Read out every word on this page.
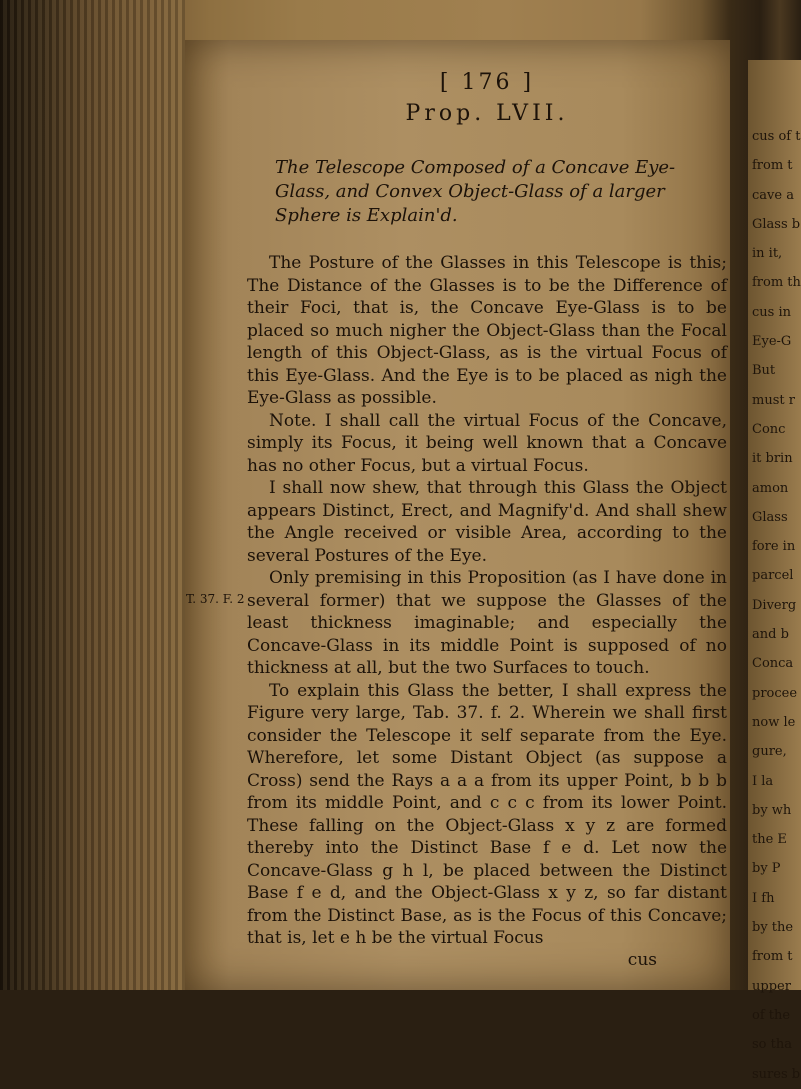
cus of t
from t
cave a
Glass b
in it,
from th
cus in
Eye-G
But
must r
Conc
it brin
amon
Glass
fore in
parcel
Diverg
and b
Conca
procee
now le
gure,
I la
by wh
the E
by P
I fh
by the
from t
upper
of the
so tha
sures b
T. 37. F. 2
[ 176 ]
Prop. LVII.
The Telescope Composed of a Concave Eye-Glass, and Convex Object-Glass of a larger Sphere is Explain'd.

The Posture of the Glasses in this Telescope is this; The Distance of the Glasses is to be the Difference of their Foci, that is, the Concave Eye-Glass is to be placed so much nigher the Object-Glass than the Focal length of this Object-Glass, as is the virtual Focus of this Eye-Glass. And the Eye is to be placed as nigh the Eye-Glass as possible.

Note. I shall call the virtual Focus of the Concave, simply its Focus, it being well known that a Concave has no other Focus, but a virtual Focus.

I shall now shew, that through this Glass the Object appears Distinct, Erect, and Magnify'd. And shall shew the Angle received or visible Area, according to the several Postures of the Eye.

Only premising in this Proposition (as I have done in several former) that we suppose the Glasses of the least thickness imaginable; and especially the Concave-Glass in its middle Point is supposed of no thickness at all, but the two Surfaces to touch.

To explain this Glass the better, I shall express the Figure very large, Tab. 37. f. 2. Wherein we shall first consider the Telescope it self separate from the Eye. Wherefore, let some Distant Object (as suppose a Cross) send the Rays a a a from its upper Point, b b b from its middle Point, and c c c from its lower Point. These falling on the Object-Glass x y z are formed thereby into the Distinct Base f e d. Let now the Concave-Glass g h l, be placed between the Distinct Base f e d, and the Object-Glass x y z, so far distant from the Distinct Base, as is the Focus of this Concave; that is, let e h be the virtual Focus

cus
